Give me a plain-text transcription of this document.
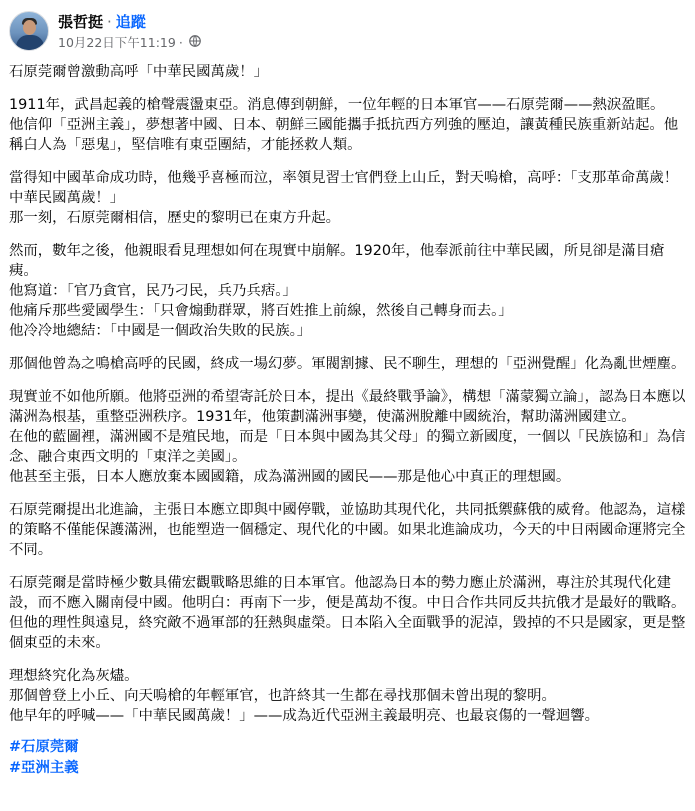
張哲挺 · 追蹤
10月22日下午11:19 ·

石原莞爾曾激動高呼「中華民國萬歲！」

1911年，武昌起義的槍聲震盪東亞。消息傳到朝鮮，一位年輕的日本軍官——石原莞爾——熱淚盈眶。
他信仰「亞洲主義」，夢想著中國、日本、朝鮮三國能攜手抵抗西方列強的壓迫，讓黃種民族重新站起。他稱白人為「惡鬼」，堅信唯有東亞團結，才能拯救人類。

當得知中國革命成功時，他幾乎喜極而泣，率領見習士官們登上山丘，對天嗚槍，高呼：「支那革命萬歲！中華民國萬歲！」
那一刻，石原莞爾相信，歷史的黎明已在東方升起。

然而，數年之後，他親眼看見理想如何在現實中崩解。1920年，他奉派前往中華民國，所見卻是滿目瘡痍。
他寫道：「官乃貪官，民乃刁民，兵乃兵痞。」
他痛斥那些愛國學生：「只會煽動群眾，將百姓推上前線，然後自己轉身而去。」
他冷冷地總結：「中國是一個政治失敗的民族。」

那個他曾為之鳴槍高呼的民國，終成一場幻夢。軍閥割據、民不聊生，理想的「亞洲覺醒」化為亂世煙塵。

現實並不如他所願。他將亞洲的希望寄託於日本，提出《最終戰爭論》，構想「滿蒙獨立論」，認為日本應以滿洲為根基，重整亞洲秩序。1931年，他策劃滿洲事變，使滿洲脫離中國統治，幫助滿洲國建立。
在他的藍圖裡，滿洲國不是殖民地，而是「日本與中國為其父母」的獨立新國度，一個以「民族協和」為信念、融合東西文明的「東洋之美國」。
他甚至主張，日本人應放棄本國國籍，成為滿洲國的國民——那是他心中真正的理想國。

石原莞爾提出北進論，主張日本應立即與中國停戰，並協助其現代化，共同抵禦蘇俄的威脅。他認為，這樣的策略不僅能保護滿洲，也能塑造一個穩定、現代化的中國。如果北進論成功，今天的中日兩國命運將完全不同。

石原莞爾是當時極少數具備宏觀戰略思維的日本軍官。他認為日本的勢力應止於滿洲，專注於其現代化建設，而不應入關南侵中國。他明白：再南下一步，便是萬劫不復。中日合作共同反共抗俄才是最好的戰略。
但他的理性與遠見，終究敵不過軍部的狂熱與虛榮。日本陷入全面戰爭的泥淖，毀掉的不只是國家，更是整個東亞的未來。

理想終究化為灰燼。
那個曾登上小丘、向天嗚槍的年輕軍官，也許終其一生都在尋找那個未曾出現的黎明。
他早年的呼喊——「中華民國萬歲！」——成為近代亞洲主義最明亮、也最哀傷的一聲迴響。

#石原莞爾
#亞洲主義
